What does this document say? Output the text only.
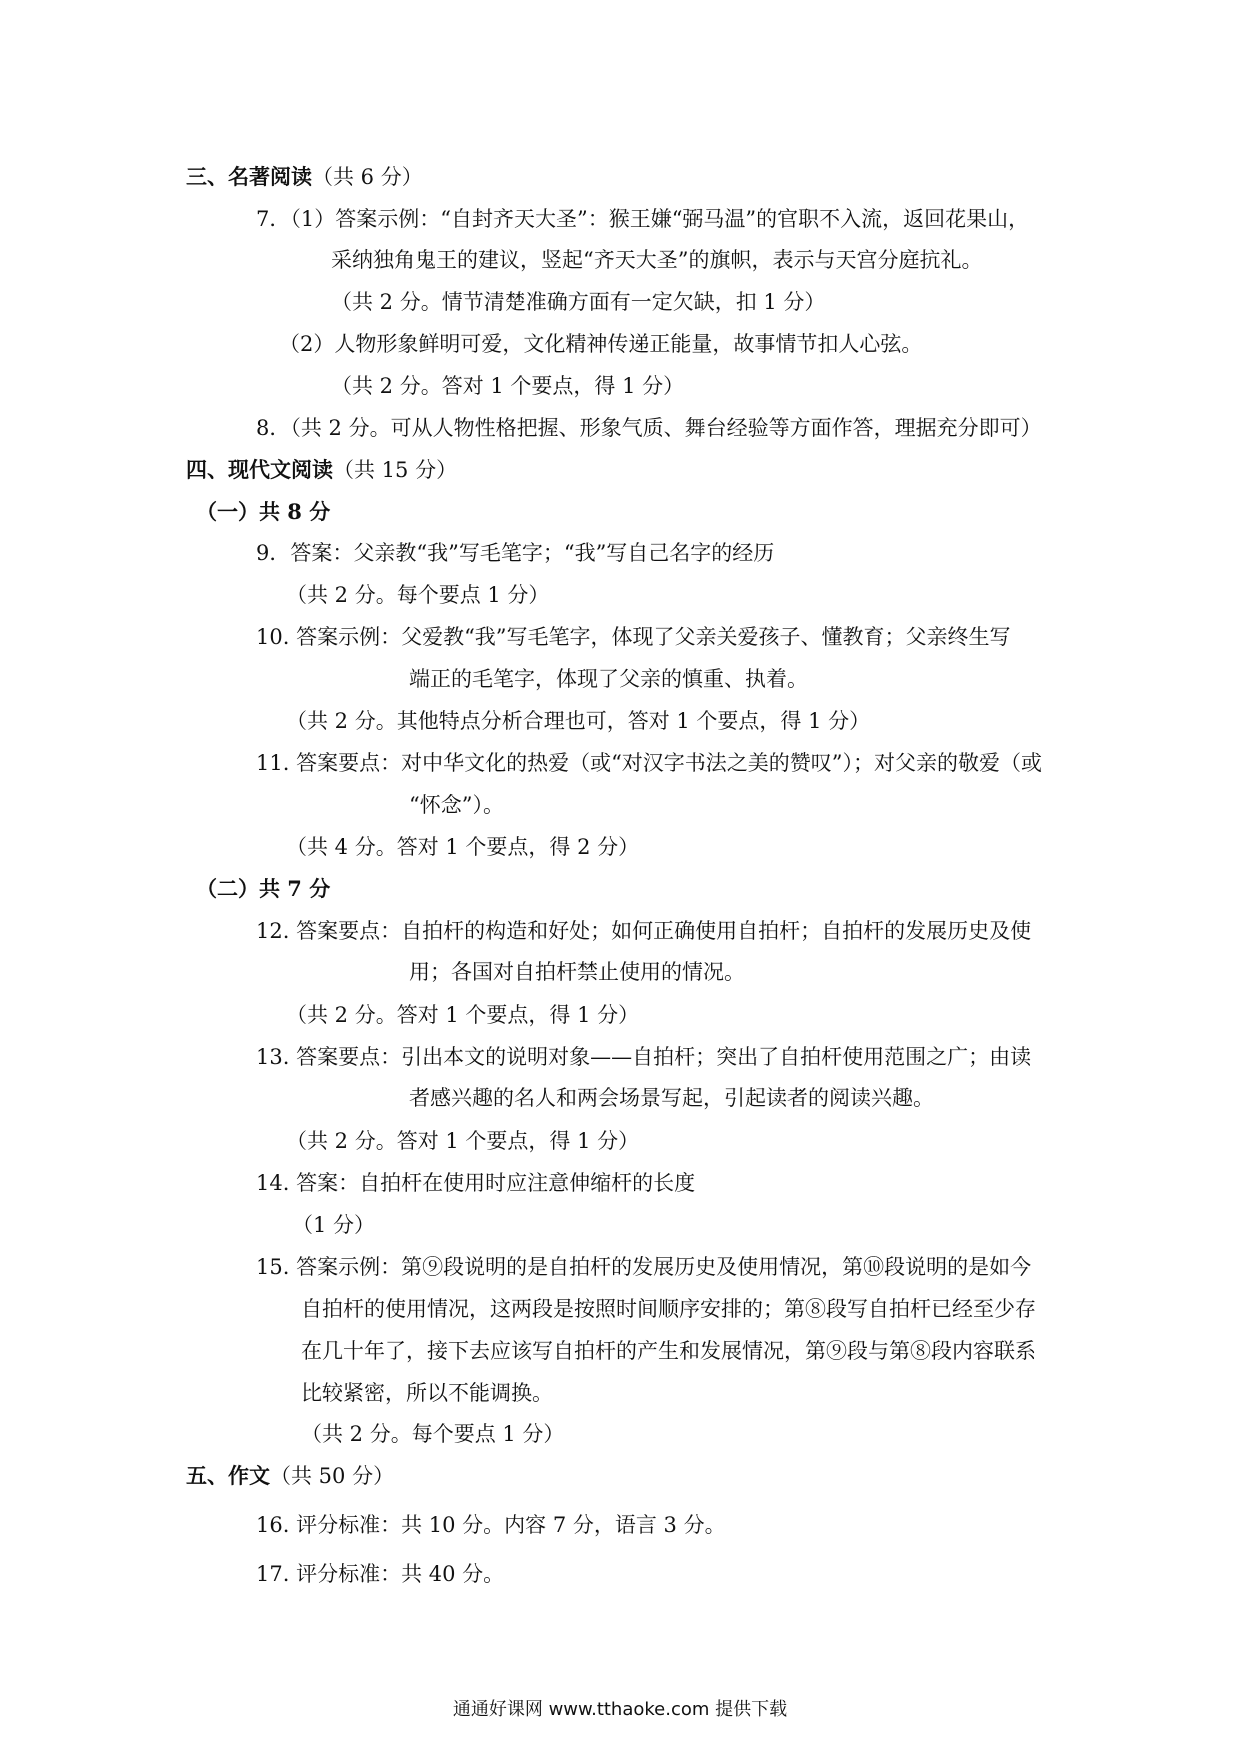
三、名著阅读（共 6 分）
7．（1）答案示例：“自封齐天大圣”：猴王嫌“弼马温”的官职不入流，返回花果山，
采纳独角鬼王的建议，竖起“齐天大圣”的旗帜，表示与天宫分庭抗礼。
（共 2 分。情节清楚准确方面有一定欠缺，扣 1 分）
（2）人物形象鲜明可爱，文化精神传递正能量，故事情节扣人心弦。
（共 2 分。答对 1 个要点，得 1 分）
8．（共 2 分。可从人物性格把握、形象气质、舞台经验等方面作答，理据充分即可）
四、现代文阅读（共 15 分）
（一）共 8 分
9．答案：父亲教“我”写毛笔字；“我”写自己名字的经历
（共 2 分。每个要点 1 分）
10. 答案示例：父爱教“我”写毛笔字，体现了父亲关爱孩子、懂教育；父亲终生写
端正的毛笔字，体现了父亲的慎重、执着。
（共 2 分。其他特点分析合理也可，答对 1 个要点，得 1 分）
11. 答案要点：对中华文化的热爱（或“对汉字书法之美的赞叹”）；对父亲的敬爱（或
“怀念”）。
（共 4 分。答对 1 个要点，得 2 分）
（二）共 7 分
12. 答案要点：自拍杆的构造和好处；如何正确使用自拍杆；自拍杆的发展历史及使
用；各国对自拍杆禁止使用的情况。
（共 2 分。答对 1 个要点，得 1 分）
13. 答案要点：引出本文的说明对象——自拍杆；突出了自拍杆使用范围之广；由读
者感兴趣的名人和两会场景写起，引起读者的阅读兴趣。
（共 2 分。答对 1 个要点，得 1 分）
14. 答案：自拍杆在使用时应注意伸缩杆的长度
（1 分）
15. 答案示例：第⑨段说明的是自拍杆的发展历史及使用情况，第⑩段说明的是如今
自拍杆的使用情况，这两段是按照时间顺序安排的；第⑧段写自拍杆已经至少存
在几十年了，接下去应该写自拍杆的产生和发展情况，第⑨段与第⑧段内容联系
比较紧密，所以不能调换。
（共 2 分。每个要点 1 分）
五、作文（共 50 分）
16. 评分标准：共 10 分。内容 7 分，语言 3 分。
17. 评分标准：共 40 分。
通通好课网 www.tthaoke.com 提供下载
